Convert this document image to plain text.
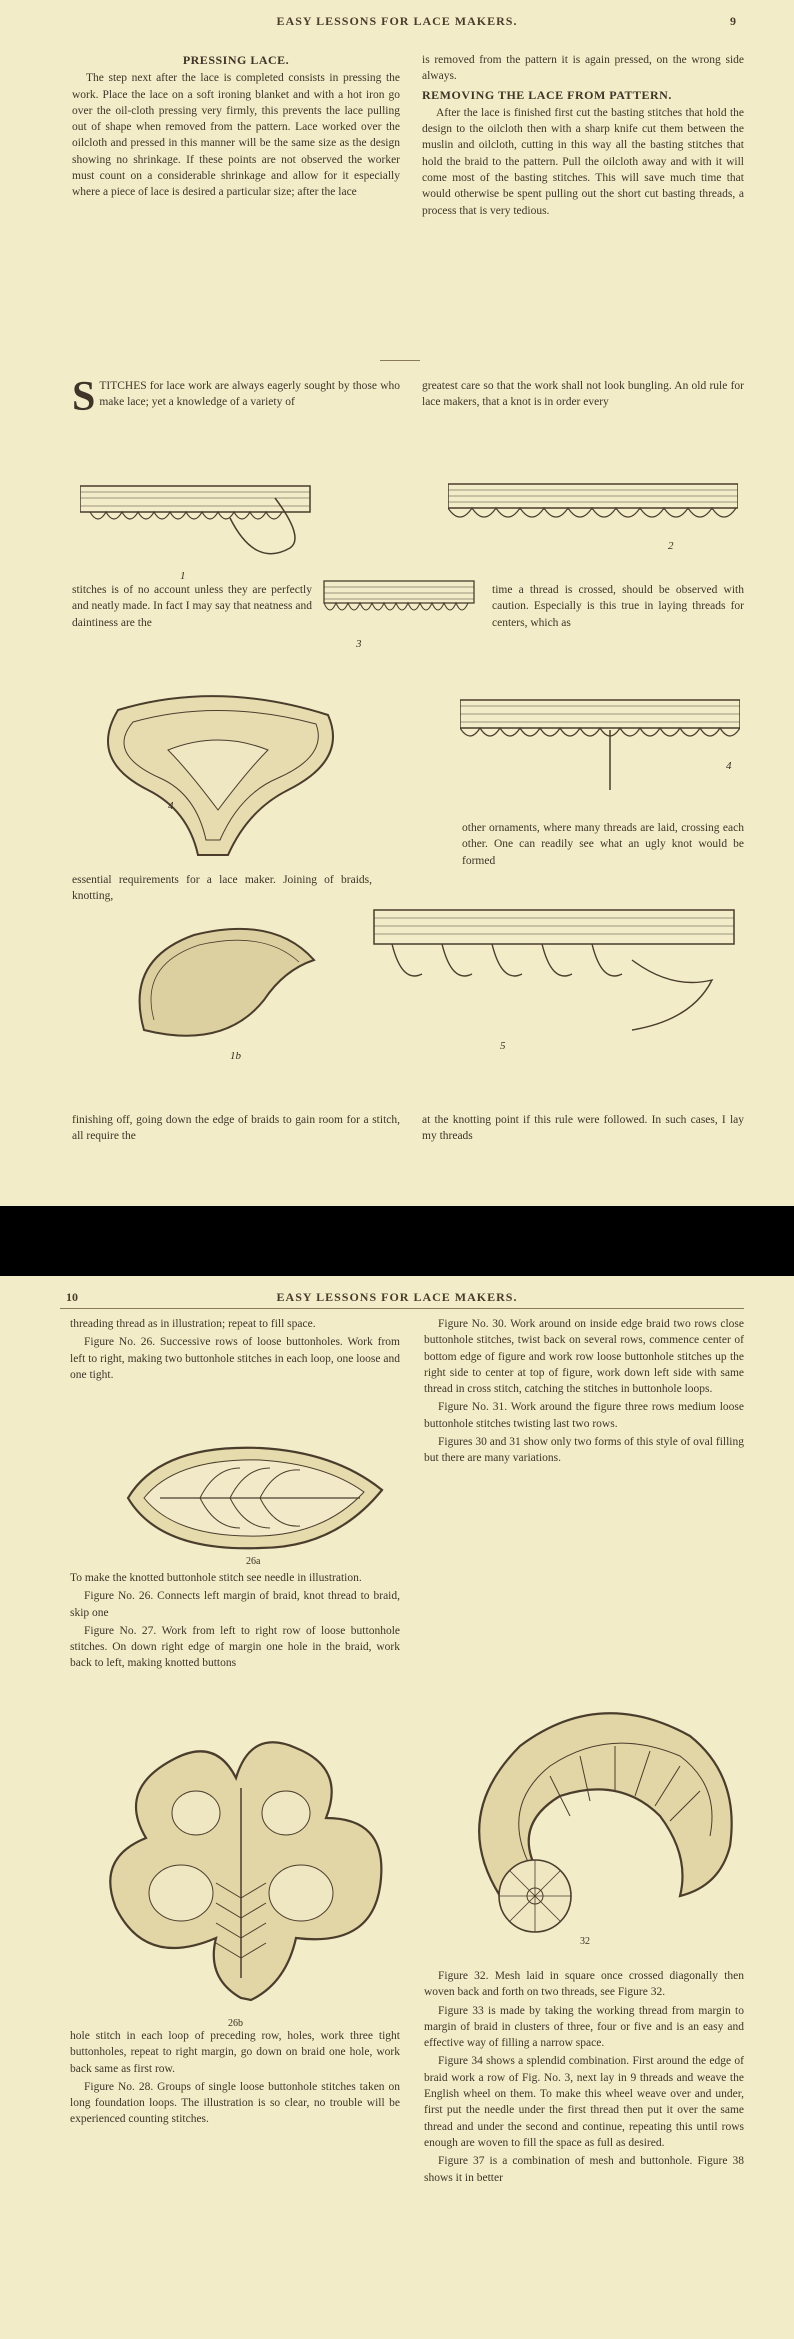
EASY LESSONS FOR LACE MAKERS.	9

PRESSING LACE.

The step next after the lace is completed consists in pressing the work. Place the lace on a soft ironing blanket and with a hot iron go over the oil-cloth pressing very firmly, this prevents the lace pulling out of shape when removed from the pattern. Lace worked over the oilcloth and pressed in this manner will be the same size as the design showing no shrinkage. If these points are not observed the worker must count on a considerable shrinkage and allow for it especially where a piece of lace is desired a particular size; after the lace

is removed from the pattern it is again pressed, on the wrong side always.

REMOVING THE LACE FROM PATTERN.

After the lace is finished first cut the basting stitches that hold the design to the oilcloth then with a sharp knife cut them between the muslin and oilcloth, cutting in this way all the basting stitches that hold the braid to the pattern. Pull the oilcloth away and with it will come most of the basting stitches. This will save much time that would otherwise be spent pulling out the short cut basting threads, a process that is very tedious.

STITCHES for lace work are always eagerly sought by those who make lace; yet a knowledge of a variety of

greatest care so that the work shall not look bungling. An old rule for lace makers, that a knot is in order every

1
2

stitches is of no account unless they are perfectly and neatly made. In fact I may say that neatness and daintiness are the

3

time a thread is crossed, should be observed with caution. Especially is this true in laying threads for centers, which as

4
4

other ornaments, where many threads are laid, crossing each other. One can readily see what an ugly knot would be formed

essential requirements for a lace maker. Joining of braids, knotting,

5
1b

finishing off, going down the edge of braids to gain room for a stitch, all require the

at the knotting point if this rule were followed. In such cases, I lay my threads

10	EASY LESSONS FOR LACE MAKERS.

threading thread as in illustration; repeat to fill space.

Figure No. 26. Successive rows of loose buttonholes. Work from left to right, making two buttonhole stitches in each loop, one loose and one tight.

26a

To make the knotted buttonhole stitch see needle in illustration.

Figure No. 26. Connects left margin of braid, knot thread to braid, skip one

Figure No. 27. Work from left to right row of loose buttonhole stitches. On down right edge of margin one hole in the braid, work back to left, making knotted buttons

26b

hole stitch in each loop of preceding row, holes, work three tight buttonholes, repeat to right margin, go down on braid one hole, work back same as first row.

Figure No. 28. Groups of single loose buttonhole stitches taken on long foundation loops. The illustration is so clear, no trouble will be experienced counting stitches.

Figure No. 30. Work around on inside edge braid two rows close buttonhole stitches, twist back on several rows, commence center of bottom edge of figure and work row loose buttonhole stitches up the right side to center at top of figure, work down left side with same thread in cross stitch, catching the stitches in buttonhole loops.

Figure No. 31. Work around the figure three rows medium loose buttonhole stitches twisting last two rows.

Figures 30 and 31 show only two forms of this style of oval filling but there are many variations.

32

Figure 32. Mesh laid in square once crossed diagonally then woven back and forth on two threads, see Figure 32.

Figure 33 is made by taking the working thread from margin to margin of braid in clusters of three, four or five and is an easy and effective way of filling a narrow space.

Figure 34 shows a splendid combination. First around the edge of braid work a row of Fig. No. 3, next lay in 9 threads and weave the English wheel on them. To make this wheel weave over and under, first put the needle under the first thread then put it over the same thread and under the second and continue, repeating this until rows enough are woven to fill the space as full as desired.

Figure 37 is a combination of mesh and buttonhole. Figure 38 shows it in better
